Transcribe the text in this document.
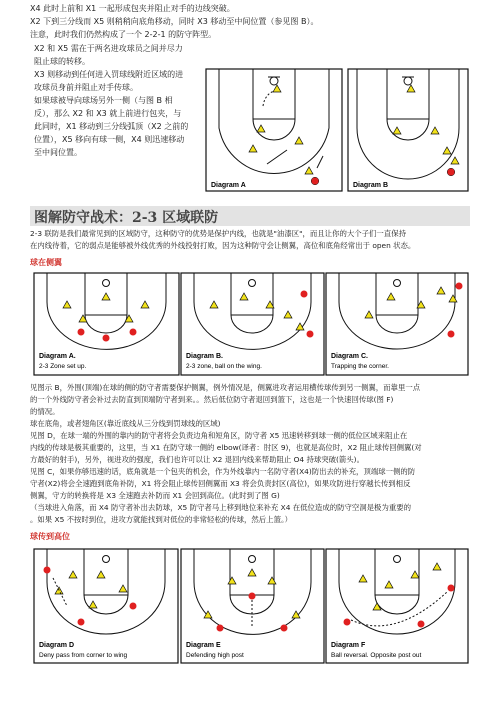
X4 此时上前和 X1 一起形成包夹并阻止对手的边线突破。
X2 下到三分线而 X5 则稍稍向底角移动，同时 X3 移动至中间位置（参见图 B）。
注意，此时我们仍然构成了一个 2-2-1 的防守阵型。
X2 和 X5 需在于两名进攻球员之间并尽力
阻止球的转移。
X3 则移动到任何进入罚球线附近区域的进
攻球员身前并阻止对手传球。
如果球被导向球场另外一侧（与图 B 相
反），那么 X2 和 X3 就上前进行包夹，与
此同时，X1 移动到三分线弧顶（X2 之前的
位置），X5 移向有球一侧，X4 则迅速移动
至中间位置。
Diagram A	Diagram B
图解防守战术：2-3 区域联防
2-3 联防是我们最常见到的区域防守，这种防守的优势是保护内线，也就是"油漆区"，而且让你的大个子们一直保持
在内线待着，它的弱点是能够被外线优秀的外线投射打败，因为这种防守会让侧翼，高位和底角经常出于 open 状态。
球在侧翼
Diagram A.
2-3 Zone set up.
Diagram B.
2-3 zone, ball on the wing.
Diagram C.
Trapping the corner.
见图示 B，外围(顶端)在球的侧的防守者需要保护侧翼，例外情况是，侧翼进攻者运用横传球传到另一侧翼，而靠里一点
的一个外线防守者会补过去防直到顶端防守者到来。。然后低位防守者退回到篮下，这也是一个快速回传球(图 F)
的情况。
球在底角，或者翅角区(靠近底线从三分线到罚球线的区域)
见图 D，在球一端的外围的靠内的防守者将会负责边角和短角区，防守者 X5 迅速转移到球一侧的低位区域来阻止在
内线的传球是极其重要的，这里，当 X1 在防守球一侧的 elbow(译者：肘区 9)，也就是高位时，X2 阻止球传回侧翼(对
方最好的射手)，另外，视进攻的强度，我们也许可以让 X2 退回内线来帮助阻止 O4 持球突破(箭头)。
见图 C，如果你够迅速的话，底角就是一个包夹的机会，作为外线靠内一名防守者(X4)防出去的补充，顶端球一侧的防
守者(X2)将会全速跑到底角补防，X1 将会阻止球传回侧翼而 X3 将会负责封区(高位)，如果攻防进行穿越长传到相反
侧翼，守方的转换将是 X3 全速跑去补防而 X1 会回到高位。(此时到了图 G)
（当球进入角落，而 X4 防守者补出去防球，X5 防守者马上移到地位来补充 X4 在低位造成的防守空洞是极为重要的
。如果 X5 不按时到位，进攻方就能找到对低位的非常轻松的传球，然后上篮。）
球传到高位
Diagram D
Deny pass from corner to wing
Diagram E
Defending high post
Diagram F
Ball reversal. Opposite post out
